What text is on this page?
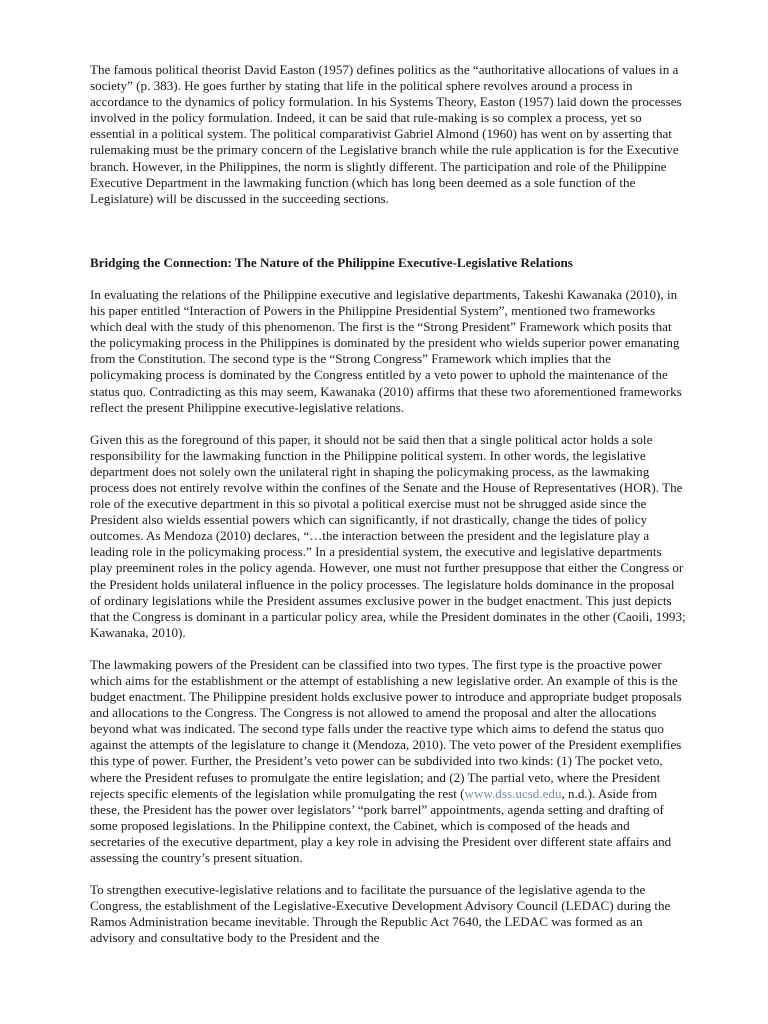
The famous political theorist David Easton (1957) defines politics as the “authoritative allocations of values in a society” (p. 383). He goes further by stating that life in the political sphere revolves around a process in accordance to the dynamics of policy formulation. In his Systems Theory, Easton (1957) laid down the processes involved in the policy formulation. Indeed, it can be said that rule-making is so complex a process, yet so essential in a political system. The political comparativist Gabriel Almond (1960) has went on by asserting that rulemaking must be the primary concern of the Legislative branch while the rule application is for the Executive branch. However, in the Philippines, the norm is slightly different. The participation and role of the Philippine Executive Department in the lawmaking function (which has long been deemed as a sole function of the Legislature) will be discussed in the succeeding sections.

Bridging the Connection: The Nature of the Philippine Executive-Legislative Relations

In evaluating the relations of the Philippine executive and legislative departments, Takeshi Kawanaka (2010), in his paper entitled “Interaction of Powers in the Philippine Presidential System”, mentioned two frameworks which deal with the study of this phenomenon. The first is the “Strong President” Framework which posits that the policymaking process in the Philippines is dominated by the president who wields superior power emanating from the Constitution. The second type is the “Strong Congress” Framework which implies that the policymaking process is dominated by the Congress entitled by a veto power to uphold the maintenance of the status quo. Contradicting as this may seem, Kawanaka (2010) affirms that these two aforementioned frameworks reflect the present Philippine executive-legislative relations.

Given this as the foreground of this paper, it should not be said then that a single political actor holds a sole responsibility for the lawmaking function in the Philippine political system. In other words, the legislative department does not solely own the unilateral right in shaping the policymaking process, as the lawmaking process does not entirely revolve within the confines of the Senate and the House of Representatives (HOR). The role of the executive department in this so pivotal a political exercise must not be shrugged aside since the President also wields essential powers which can significantly, if not drastically, change the tides of policy outcomes. As Mendoza (2010) declares, “…the interaction between the president and the legislature play a leading role in the policymaking process.” In a presidential system, the executive and legislative departments play preeminent roles in the policy agenda. However, one must not further presuppose that either the Congress or the President holds unilateral influence in the policy processes. The legislature holds dominance in the proposal of ordinary legislations while the President assumes exclusive power in the budget enactment. This just depicts that the Congress is dominant in a particular policy area, while the President dominates in the other (Caoili, 1993; Kawanaka, 2010).

The lawmaking powers of the President can be classified into two types. The first type is the proactive power which aims for the establishment or the attempt of establishing a new legislative order. An example of this is the budget enactment. The Philippine president holds exclusive power to introduce and appropriate budget proposals and allocations to the Congress. The Congress is not allowed to amend the proposal and alter the allocations beyond what was indicated. The second type falls under the reactive type which aims to defend the status quo against the attempts of the legislature to change it (Mendoza, 2010). The veto power of the President exemplifies this type of power. Further, the President’s veto power can be subdivided into two kinds: (1) The pocket veto, where the President refuses to promulgate the entire legislation; and (2) The partial veto, where the President rejects specific elements of the legislation while promulgating the rest (www.dss.ucsd.edu, n.d.). Aside from these, the President has the power over legislators’ “pork barrel” appointments, agenda setting and drafting of some proposed legislations. In the Philippine context, the Cabinet, which is composed of the heads and secretaries of the executive department, play a key role in advising the President over different state affairs and assessing the country’s present situation.

To strengthen executive-legislative relations and to facilitate the pursuance of the legislative agenda to the Congress, the establishment of the Legislative-Executive Development Advisory Council (LEDAC) during the Ramos Administration became inevitable. Through the Republic Act 7640, the LEDAC was formed as an advisory and consultative body to the President and the
